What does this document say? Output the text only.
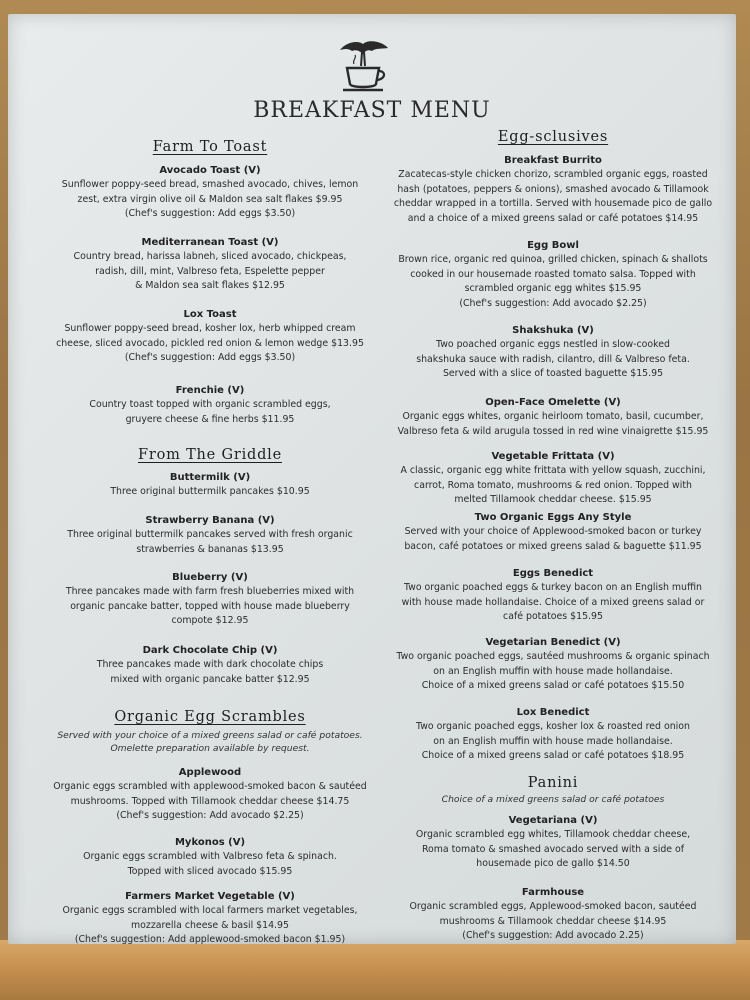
BREAKFAST MENU
Farm To Toast
Avocado Toast (V)
Sunflower poppy-seed bread, smashed avocado, chives, lemon
zest, extra virgin olive oil & Maldon sea salt flakes $9.95
(Chef's suggestion: Add eggs $3.50)
Mediterranean Toast (V)
Country bread, harissa labneh, sliced avocado, chickpeas,
radish, dill, mint, Valbreso feta, Espelette pepper
& Maldon sea salt flakes $12.95
Lox Toast
Sunflower poppy-seed bread, kosher lox, herb whipped cream
cheese, sliced avocado, pickled red onion & lemon wedge $13.95
(Chef's suggestion: Add eggs $3.50)
Frenchie (V)
Country toast topped with organic scrambled eggs,
gruyere cheese & fine herbs $11.95
From The Griddle
Buttermilk (V)
Three original buttermilk pancakes $10.95
Strawberry Banana (V)
Three original buttermilk pancakes served with fresh organic
strawberries & bananas $13.95
Blueberry (V)
Three pancakes made with farm fresh blueberries mixed with
organic pancake batter, topped with house made blueberry
compote $12.95
Dark Chocolate Chip (V)
Three pancakes made with dark chocolate chips
mixed with organic pancake batter $12.95
Organic Egg Scrambles
Served with your choice of a mixed greens salad or café potatoes.
Omelette preparation available by request.
Applewood
Organic eggs scrambled with applewood-smoked bacon & sautéed
mushrooms. Topped with Tillamook cheddar cheese $14.75
(Chef's suggestion: Add avocado $2.25)
Mykonos (V)
Organic eggs scrambled with Valbreso feta & spinach.
Topped with sliced avocado $15.95
Farmers Market Vegetable (V)
Organic eggs scrambled with local farmers market vegetables,
mozzarella cheese & basil $14.95
(Chef's suggestion: Add applewood-smoked bacon $1.95)
Egg-sclusives
Breakfast Burrito
Zacatecas-style chicken chorizo, scrambled organic eggs, roasted
hash (potatoes, peppers & onions), smashed avocado & Tillamook
cheddar wrapped in a tortilla. Served with housemade pico de gallo
and a choice of a mixed greens salad or café potatoes $14.95
Egg Bowl
Brown rice, organic red quinoa, grilled chicken, spinach & shallots
cooked in our housemade roasted tomato salsa. Topped with
scrambled organic egg whites $15.95
(Chef's suggestion: Add avocado $2.25)
Shakshuka (V)
Two poached organic eggs nestled in slow-cooked
shakshuka sauce with radish, cilantro, dill & Valbreso feta.
Served with a slice of toasted baguette $15.95
Open-Face Omelette (V)
Organic eggs whites, organic heirloom tomato, basil, cucumber,
Valbreso feta & wild arugula tossed in red wine vinaigrette $15.95
Vegetable Frittata (V)
A classic, organic egg white frittata with yellow squash, zucchini,
carrot, Roma tomato, mushrooms & red onion. Topped with
melted Tillamook cheddar cheese. $15.95
Two Organic Eggs Any Style
Served with your choice of Applewood-smoked bacon or turkey
bacon, café potatoes or mixed greens salad & baguette $11.95
Eggs Benedict
Two organic poached eggs & turkey bacon on an English muffin
with house made hollandaise. Choice of a mixed greens salad or
café potatoes $15.95
Vegetarian Benedict (V)
Two organic poached eggs, sautéed mushrooms & organic spinach
on an English muffin with house made hollandaise.
Choice of a mixed greens salad or café potatoes $15.50
Lox Benedict
Two organic poached eggs, kosher lox & roasted red onion
on an English muffin with house made hollandaise.
Choice of a mixed greens salad or café potatoes $18.95
Panini
Choice of a mixed greens salad or café potatoes
Vegetariana (V)
Organic scrambled egg whites, Tillamook cheddar cheese,
Roma tomato & smashed avocado served with a side of
housemade pico de gallo $14.50
Farmhouse
Organic scrambled eggs, Applewood-smoked bacon, sautéed
mushrooms & Tillamook cheddar cheese $14.95
(Chef's suggestion: Add avocado 2.25)
